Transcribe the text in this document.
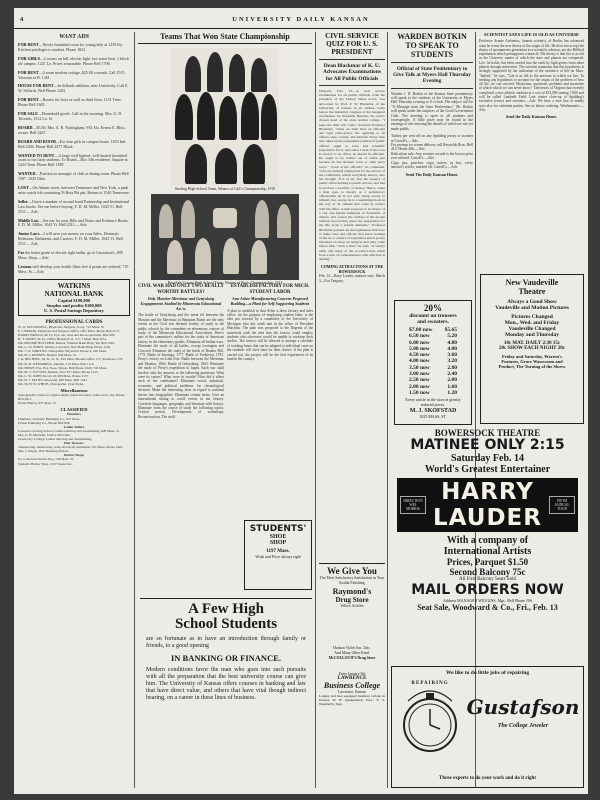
4	UNIVERSITY DAILY KANSAN
WANT ADS
FOR RENT—Newly furnished room for young lady at 1239 Ky. Kitchen privileges to student. Phone 1823.
FOR GIRLS—2 rooms on hill, electric light, hot water heat, 1 block off campus. 1221 La. Prices reasonable. Phone Bell 1706.
FOR RENT—4 room modern cottage, $25.00 a month. Call 1515 Vermont or R. 1361.
HOUSE FOR RENT—In Sellards addition, near University. Call E. W. Sellards. Bell Phone 1263.
FOR RENT—Rooms for boys as well as third floor. 1141 Tenn. Phone Bell 1601.
FOR SALE—Household goods. Call in the morning. Mrs. G. D. Titcomb, 1312 La. St.
BOARD—$5.50. Mrs. A. R. Nottingham, 933 Ala. Ernest E. Bliss, owner. Bell 2447.
BOARD AND ROOM—For four girls in campus house. 1633 Ind. Bell 2494. Phone Bell 2477 Black.
WANTED TO RENT—A large well-lighted, well-heated furnished room to two lady students. To Board—Box 346 residence. Inquire at 1223 Tenn. Phone Bell 1189.
WANTED—Position as manager of club or dining room. Phone Bell 1597. 1025 Ohio.
LOST—On Adams street, between Tennessee and New York, a pink satin watch fob containing Pi Beta Phi pin. Return to 1540 Tennessee.
Seller—I have a number of second hand Partnership and Institutional Law books. See me before buying. F. D. M. Miller, 1043 Vt. Bell 2511.—Adv.
Middle Law—See me for your Bills and Notes and Evidence Books. F. D. M. Miller, 1043 Vt. Bell 2511.—Adv.
Junior Laws—I will save you money on your Sales, Domestic Relations, Bailments, and Carriers. F. D. M. Miller, 1043 Vt. Bell 2511.—Adv.
For the better grade of electric light bulbs, go to Gustafson's, 809 Mass. Shop.—Adv.
Lessons will develop your kodak films free if prints are ordered, 719 Mass. St.—Adv.
WATKINS
NATIONAL BANK
Capital $100,000
Surplus and profits $100,000
U. S. Postal Savings Depository
PROFESSIONAL CARDS
W. O. McCONNELL, Physician, Surgeon, X-ray, 713 Mass. St.
F. J. BROOK, Physician and Surgeon, Office 1001 Mass. Phone Bell 2171.
HARRY BRIGGS, M. D., Eye, ear, nose and throat specialist. Bell 203.
H. T. JONES, M. D., Office Houses 8-11, 2-5, 7 Mass. Bell 2231.
DR. BONNIE BUTCHER, Dentist, Watkins Bank Bldg. Tel. Bell 1061.
DR. G. W. JONES, Dentist, Lawrence Nat'l Bank Bldg. Phone 1181.
DR. J. W. O'BRYON, Osteopathic Physician. Phone 4, 920 Mass.
DR. H. J. KENNEY, Dentist, 840 Mass. St.
J. R. BECHTEL, M. D., D. O., 610 Mass. Phones Office 171; Residence 170.
DR. H. H. O'FFARRELL, Dentist, 714 Mass. Bell 1112.
DR. HOWE, Eye, Ear, Nose, Throat, Bell Phone 2220, 743 Mass.
DR. M. T. SUTTON, Dentist, Over 817 Mass. Phone 2123.
DR. C. W. JOHN, Room 18, 900 Mass. Phone 2157.
DR. H. J. KEITH, Osteopath, 630 Mass. Bell 1441.
DR. SUSY E. WHITE, Chiropodist, Over Pecks.
Miscellaneous
Stenographic Clubs for regular meals, lunch and short orders every day. Phone Bell 5011.
Nettie Hutton, 837 Mass. St.
CLASSIFIED
Plumbers
Plumbers, Kennedy Plumbing Co., 937 Mass.
Frazee Plumbing Co., Phone Bell 658.
Ladies Tailors
Lawrence Sewing School, Ladies tailoring and dressmaking, 828 Mass. St.
Mrs. G. B. Merriam, Chalet, 804 Ohio.
Green City College, Ladies tailoring and dressmaking.
Hair Dressers
Shampooing, manicuring, scalp and facial treatments, 911 Mass. Phone 1461.
Mrs. J. Dague, Hair Dressing Parlors.
Barber Shops
Go to the best barber shop, 740 Mass. St.
Student's Barber Shop, 1237 Oread Ave.
Teams That Won State Championship
Sterling High School Team, Winner of Girl's Championship, 1919
Rosedale County High School Team, Winner of Boy's Championship, 1913
CIVIL WAR HAD ONLY TWO REALLY WORTHY BATTLES?
Only Monitor-Merrimac and Gettysburg Engagements Studied by Minnesota Educational Ass'n.
The battle of Gettysburg and the naval tilt between the Monitor and the Merrimac in Hampton Roads are the only events in the Civil war deemed worthy of study in the public schools by the committee on elementary courses of study of the Minnesota Educational Association. Here's part of the committee's outline for the study of American history in the elementary grades: Eliminate all Indian wars. Eliminate the study of all battles, except Lexington and Concord. Eliminate the study of the battle of Bunker Hill, 1775. Battle of Saratoga, 1777. Battle of Yorktown, 1781. Perry's victory on Lake Erie. Battle between the Merrimac and Monitor, 1862. Battle of Gettysburg, 1863. Eliminate the study of Perry's expedition to Japan. Each war shall involve only the answers to the following questions: What were its causes? What were its results? How did it affect each of the combatants? Eliminate social, industrial, economic, and political problems for chronological division. Make the interesting facts in regard to national heroes into biographies. Eliminate certain terms. Give an international setting to world events in our history. Correlate languages, geography and literature with history. Eliminate from the course of study the following topics: Critical period, Development of workshops, Reconstruction, The tariff.
ESTABLISH FACTORY FOR MICH. STUDENT LABOR
Ann Arbor Manufacturing Concern Proposed Building—a Plant for Self-Supporting Students
A plan to establish in Ann Arbor a dress factory and sales office, for the purpose of employing student labor, is the idea put forward by a committee of the University of Michigan who last week met in the office of President Hutchins. The plan was proposed to the Regents of the university with the idea that the factory could employ students who otherwise would be unable to continue their studies. The factory will be allowed to arrange a schedule of working hours that can be adapted to individual cases so the students will have time for their classes. If the plan is carried out, the project will be the first experiment of its kind in the country.
STUDENTS'
SHOE
SHOP
1197 Mass.
Work and Price always right
A Few High
School Students
are so fortunate as to have an introduction through family or friends, to a good opening
IN BANKING OR FINANCE.
Modern conditions favor the man who goes into such pursuits with all the preparation that the best university course can give him. The University of Kansas offers courses in banking and law that have direct value, and others that have vital though indirect bearing, on a career in these lines of business.
CIVIL SERVICE QUIZ FOR U. S. PRESIDENT
Dean Blackmar of K. U. Advocates Examinations for All Public Officials
Emporia, Feb. 13.—A civil service examination for all public officials, from the president of the United States down, was advocated by Prof. F. W. Blackmar of the University of Kansas in an address today before the industrial congress at the inaugural ceremonies for President Butcher, the newly chosen head of the state normal college. "I hope the time will come," declared Professor Blackmar, "when we shall have an efficient and rigid civil-service law applying to all offices, state, county, and national. Every man who takes up the responsible position of public official ought to have had scientific preparation for it, and when a man of that sort is elected to an office, he should be efficient. He ought to be trained out of office just because he has attained votes or other party ways." "Look at the officials," he continued, "who are entirely unprepared for the service of the community, whom everybody knows, who has thought of it at all, that the essence of public office holding is public service, and that it involves a sacrifice of money. Hence, when a man goes to merely as a perfunctory officeholder he is not only doing wrong to himself, but, worse, he is a stumbling-block in the way of all citizens that come in contact with his office. A man proposes to be mayor of a city and handle hundreds of thousands of dollars, and control the welfare of the people without ever having given the preparation for the life work a reform demands." Professor Blackmar pointed out the legislatures that have to make laws and officers that know nothing of the art or science of legislation and is poorly informed on most all subjects that may come before him. "Such a man," he said, "is wholly unfit, and many of the so-called laws result from a lack of comprehension with which he is dealing."
COMING ATTRACTIONS AT THE BOWERSOCK
Feb. 14—Harry Lauder, matinee only. March 3—Eva Tanguay.
We Give You
The Most Satisfactory Satisfaction in Your Kodak Finishing
Raymond's
Drug Store
Yellow Articles
Hudson Violet Sac. Talc.
And Many Other Kind.
McCOLLOCH'S Drug Store
Enter January 5th
LAWRENCE
Business College
Lawrence, Kansas
Largest and best equipped business college in Kansas. W. H. Quakenbush, Pres.; E. S. Weatherby, Supt.
WARDEN BOTKIN TO SPEAK TO STUDENTS
Official of State Penitentiary to Give Talk at Myers Hall Thursday Evening
Warden J. D. Botkin of the Kansas State penitentiary will speak to the students of the University at Myers Hall Thursday evening at 8 o'clock. His subject will be "A Message from the State Penitentiary." Mr. Botkin will speak under the auspices of the Good Government Club. The meeting is open to all students and townspeople. A little prize may be found in the earnings of this meeting the details of which are not yet made public.
Turkey per cent off on any Spalding jersey or sweater at Carroll's.—Adv.
For prompt ice cream delivery call Reynolds Bros. Bell 410. Home 406.—Adv.
Ridiculous sale: Any sweater on sale is the lowest price ever offered. Carroll's.—Adv.
Cigar jars, pouches, cigar cutters, in fact, every smoker's article, marked off. Carroll's.—Adv.
Send The Daily Kansan Home.
20%
discount on trousers
and sweaters.
$7.00 now $5.65
6.50 now	5.20
6.00 now	4.80
5.00 now	4.00
4.50 now	3.60
4.00 now	3.20
3.50 now	2.80
3.00 now	2.40
2.50 now	2.00
2.00 now	1.60
1.50 now	1.20
Every article in the store at greatly reduced prices.
M. J. SKOFSTAD
1025 MASS. ST.
SCIENTIST SAYS LIFE IS OLD AS UNIVERSE
Professor Svante Arrhenius, famous scientist, of Berlin, has advanced what he terms the new theory of the origin of life. He does not accept the theory of spontaneous generation as a scientific solution, nor the Biblical explanation which presupposes a miracle. His theory is that life is as old as the Universe, matter of which the stars and planets are composed. Life, he holds, has been carried into the earth by light germs from other planets through meteorites. The scientist maintains that this hypothesis is strongly supported by the indication of the existence of life on Mars. "Indeed," he says, "Life is as old as the universe in which we live. To seeking any hypothesis to account for the origin of the problem of how all life, we can succeed. Mysticism, questions, problems and mysteries of which which we can never know." University of Virginia has recently completed a new athletic stadium at a cost of $15,000 seating 7,000 and will be called Lambeth Field. Late winter close-up of Spalding's exclusive jerseys and sweaters.—Adv. We have a nice line of middy suits also for valentine parties. See us before ordering. Wiedemann's.—Adv.
Send the Daily Kansan Home.
New Vaudeville
Theatre
Always a Good Show
Vaudeville and Motion Pictures
Pictures Changed
Mon., Wed. and Friday
Vaudeville Changed
Monday and Thursday
10c MAT. DAILY 2:30 15c
20c SHOW EACH NIGHT 20c
Friday and Saturday, Warren's
Features, Grace Wassweam and
Product, The Turning of the Shrew
BOWERSOCK THEATRE
MATINEE ONLY 2:15
Saturday Feb. 14
World's Greatest Entertainer
DIRECTION WM. MORRIS
HARRY LAUDER
FIFTH ANNUAL TOUR
With a company of
International Artists
Prices, Parquet $1.50
Second Balcony 75c
All First Balcony Seats Sold
MAIL ORDERS NOW
Address MANAGER WIGGINS, Mgr., Bell Phone 106
Seat Sale, Woodward & Co., Fri., Feb. 13
We like to do little jobs of repairing
REPAIRING
Gustafson
The College Jeweler
Three experts to do your work and do it right
